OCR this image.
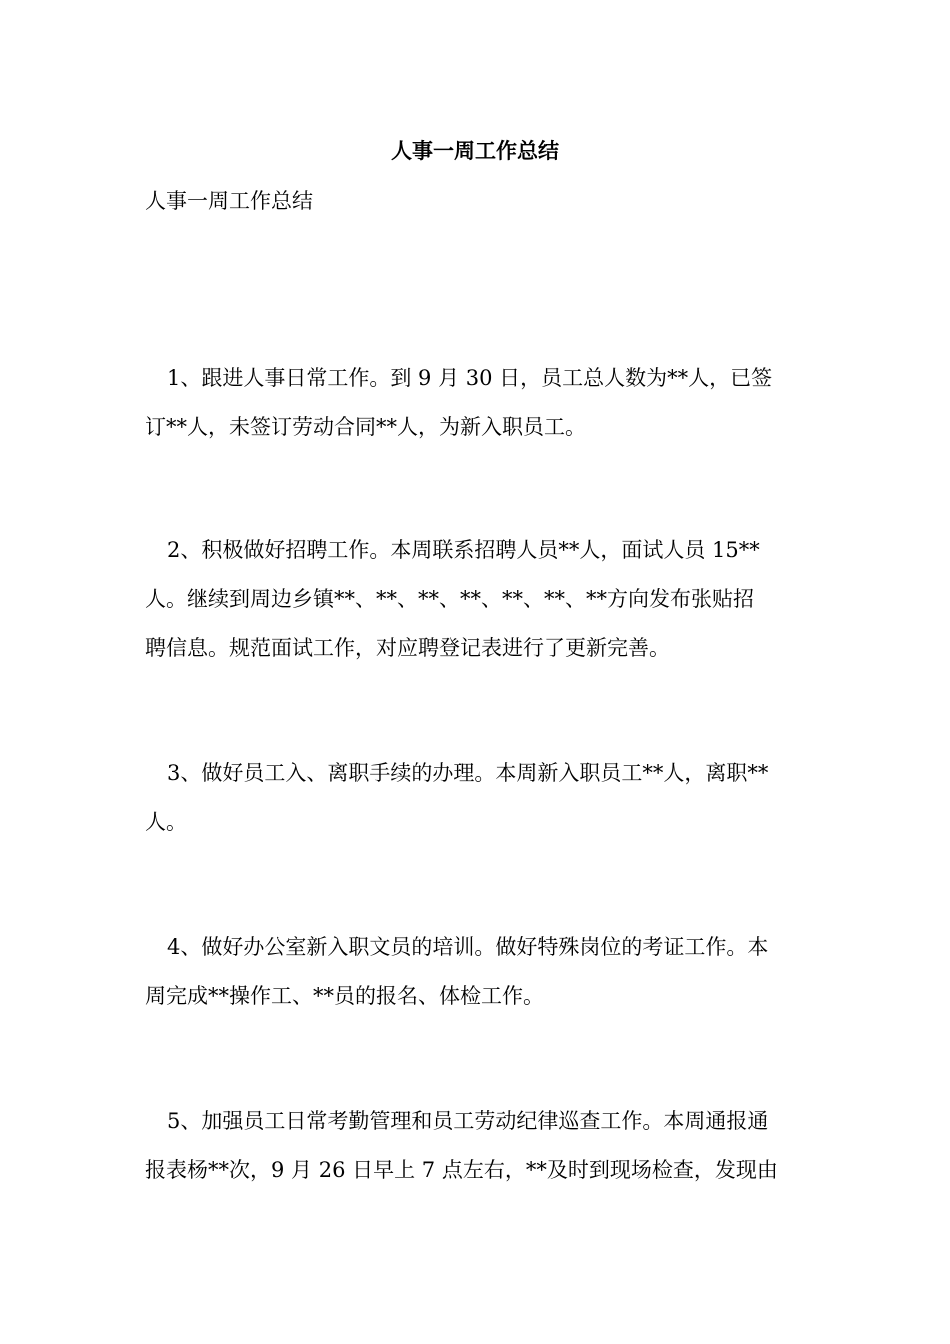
人事一周工作总结

人事一周工作总结

1、跟进人事日常工作。到 9 月 30 日，员工总人数为**人，已签
订**人，未签订劳动合同**人，为新入职员工。
2、积极做好招聘工作。本周联系招聘人员**人，面试人员 15**
人。继续到周边乡镇**、**、**、**、**、**、**方向发布张贴招
聘信息。规范面试工作，对应聘登记表进行了更新完善。
3、做好员工入、离职手续的办理。本周新入职员工**人，离职**
人。
4、做好办公室新入职文员的培训。做好特殊岗位的考证工作。本
周完成**操作工、**员的报名、体检工作。
5、加强员工日常考勤管理和员工劳动纪律巡查工作。本周通报通
报表杨**次，9 月 26 日早上 7 点左右，**及时到现场检查，发现由
